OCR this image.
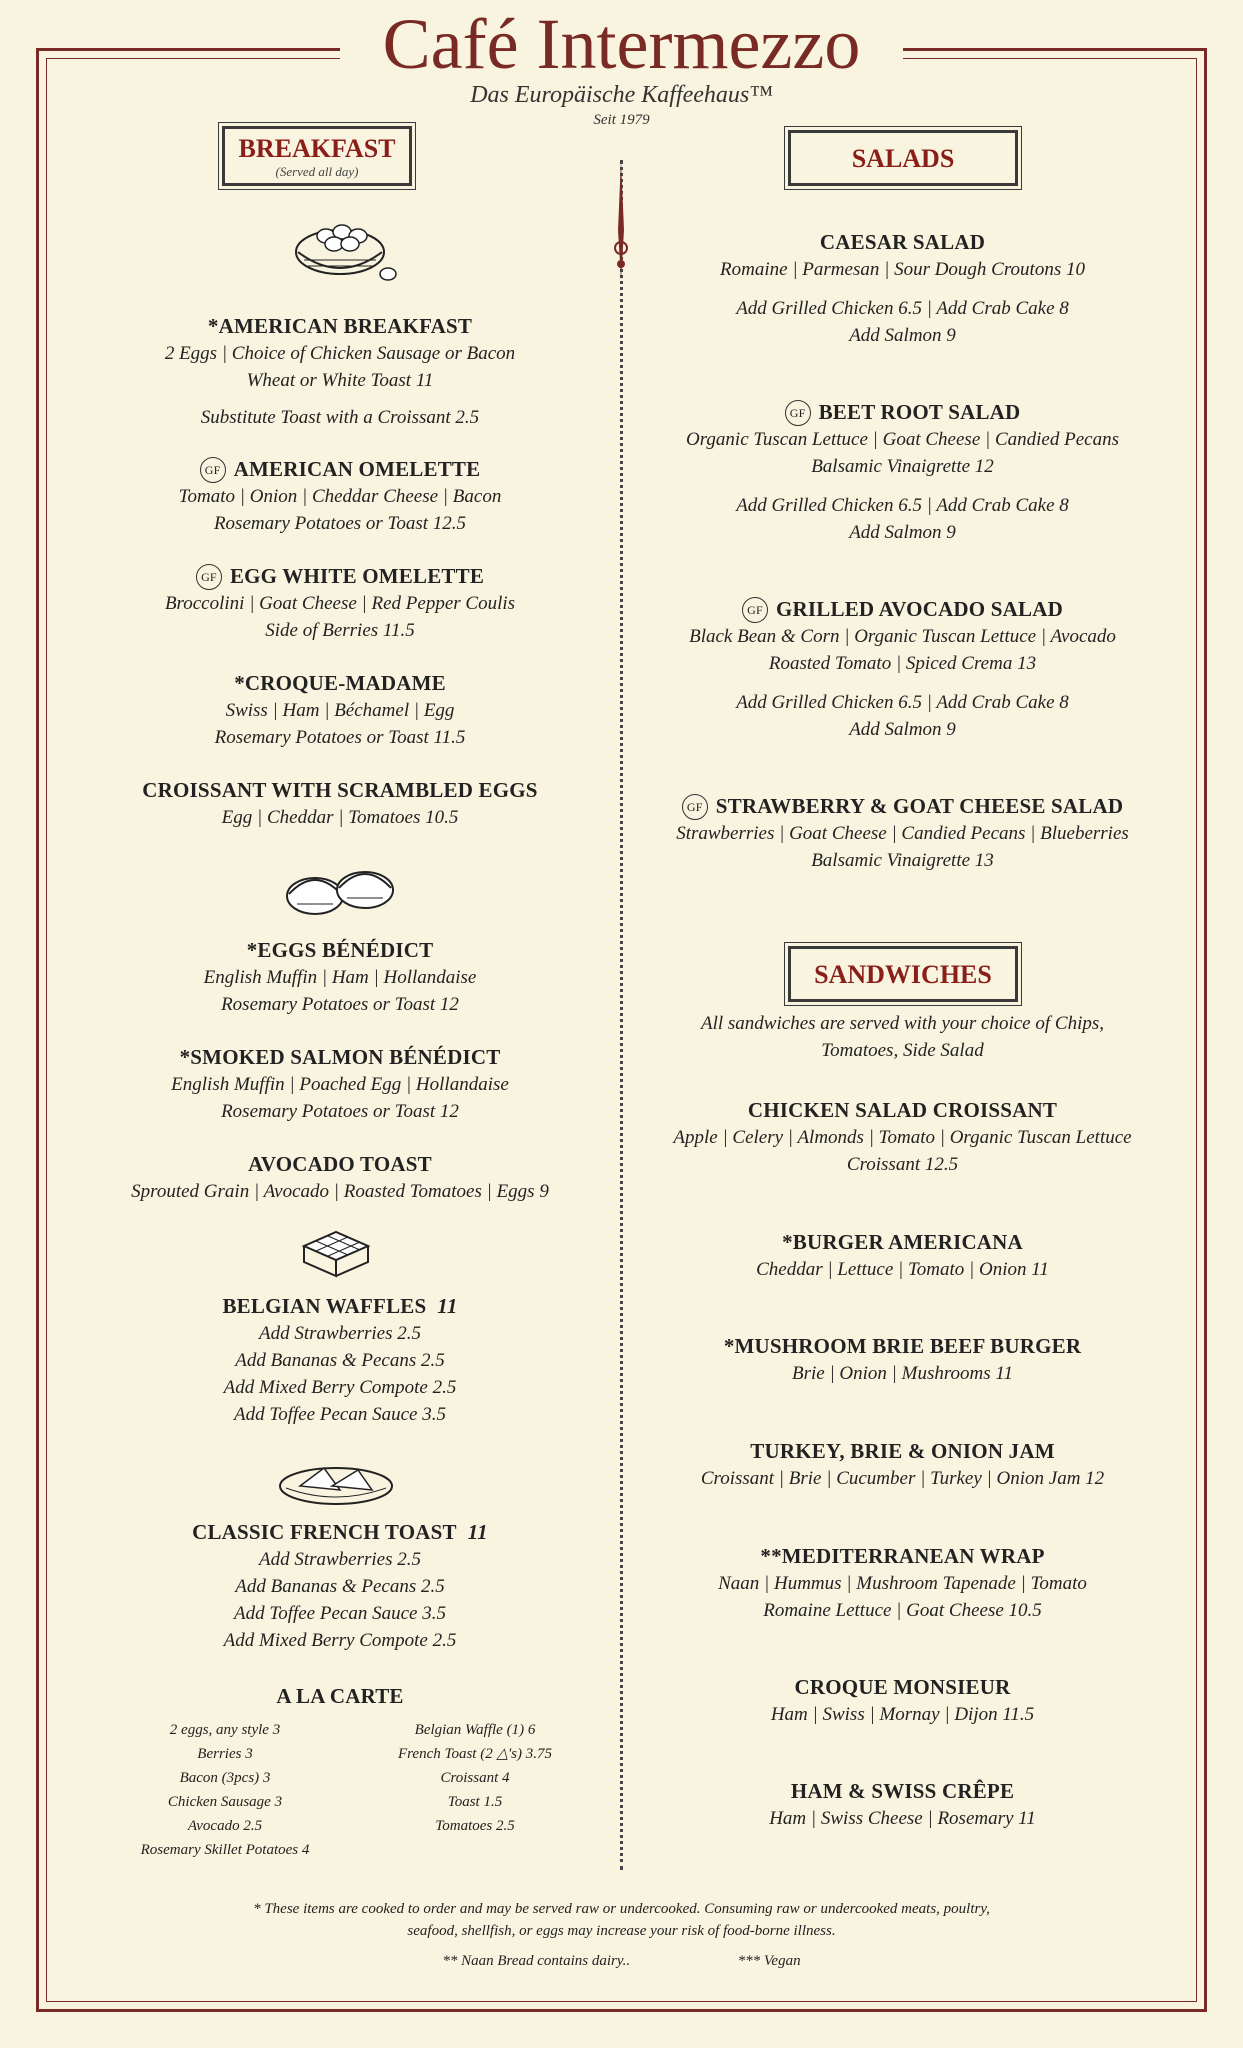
Café Intermezzo
Das Europäische Kaffeehaus™
Seit 1979
BREAKFAST
(Served all day)
*AMERICAN BREAKFAST
2 Eggs | Choice of Chicken Sausage or Bacon
Wheat or White Toast 11
Substitute Toast with a Croissant 2.5
GF AMERICAN OMELETTE
Tomato | Onion | Cheddar Cheese | Bacon
Rosemary Potatoes or Toast 12.5
GF EGG WHITE OMELETTE
Broccolini | Goat Cheese | Red Pepper Coulis
Side of Berries 11.5
*CROQUE-MADAME
Swiss | Ham | Béchamel | Egg
Rosemary Potatoes or Toast 11.5
CROISSANT WITH SCRAMBLED EGGS
Egg | Cheddar | Tomatoes 10.5
*EGGS BÉNÉDICT
English Muffin | Ham | Hollandaise
Rosemary Potatoes or Toast 12
*SMOKED SALMON BÉNÉDICT
English Muffin | Poached Egg | Hollandaise
Rosemary Potatoes or Toast 12
AVOCADO TOAST
Sprouted Grain | Avocado | Roasted Tomatoes | Eggs 9
BELGIAN WAFFLES 11
Add Strawberries 2.5
Add Bananas & Pecans 2.5
Add Mixed Berry Compote 2.5
Add Toffee Pecan Sauce 3.5
CLASSIC FRENCH TOAST 11
Add Strawberries 2.5
Add Bananas & Pecans 2.5
Add Toffee Pecan Sauce 3.5
Add Mixed Berry Compote 2.5
A LA CARTE
2 eggs, any style 3
Berries 3
Bacon (3pcs) 3
Chicken Sausage 3
Avocado 2.5
Rosemary Skillet Potatoes 4
Belgian Waffle (1) 6
French Toast (2 △'s) 3.75
Croissant 4
Toast 1.5
Tomatoes 2.5
SALADS
CAESAR SALAD
Romaine | Parmesan | Sour Dough Croutons 10
Add Grilled Chicken 6.5 | Add Crab Cake 8
Add Salmon 9
GF BEET ROOT SALAD
Organic Tuscan Lettuce | Goat Cheese | Candied Pecans
Balsamic Vinaigrette 12
Add Grilled Chicken 6.5 | Add Crab Cake 8
Add Salmon 9
GF GRILLED AVOCADO SALAD
Black Bean & Corn | Organic Tuscan Lettuce | Avocado
Roasted Tomato | Spiced Crema 13
Add Grilled Chicken 6.5 | Add Crab Cake 8
Add Salmon 9
GF STRAWBERRY & GOAT CHEESE SALAD
Strawberries | Goat Cheese | Candied Pecans | Blueberries
Balsamic Vinaigrette 13
SANDWICHES
All sandwiches are served with your choice of Chips,
Tomatoes, Side Salad
CHICKEN SALAD CROISSANT
Apple | Celery | Almonds | Tomato | Organic Tuscan Lettuce
Croissant 12.5
*BURGER AMERICANA
Cheddar | Lettuce | Tomato | Onion 11
*MUSHROOM BRIE BEEF BURGER
Brie | Onion | Mushrooms 11
TURKEY, BRIE & ONION JAM
Croissant | Brie | Cucumber | Turkey | Onion Jam 12
**MEDITERRANEAN WRAP
Naan | Hummus | Mushroom Tapenade | Tomato
Romaine Lettuce | Goat Cheese 10.5
CROQUE MONSIEUR
Ham | Swiss | Mornay | Dijon 11.5
HAM & SWISS CRÊPE
Ham | Swiss Cheese | Rosemary 11
* These items are cooked to order and may be served raw or undercooked. Consuming raw or undercooked meats, poultry,
seafood, shellfish, or eggs may increase your risk of food-borne illness.
** Naan Bread contains dairy..	*** Vegan
